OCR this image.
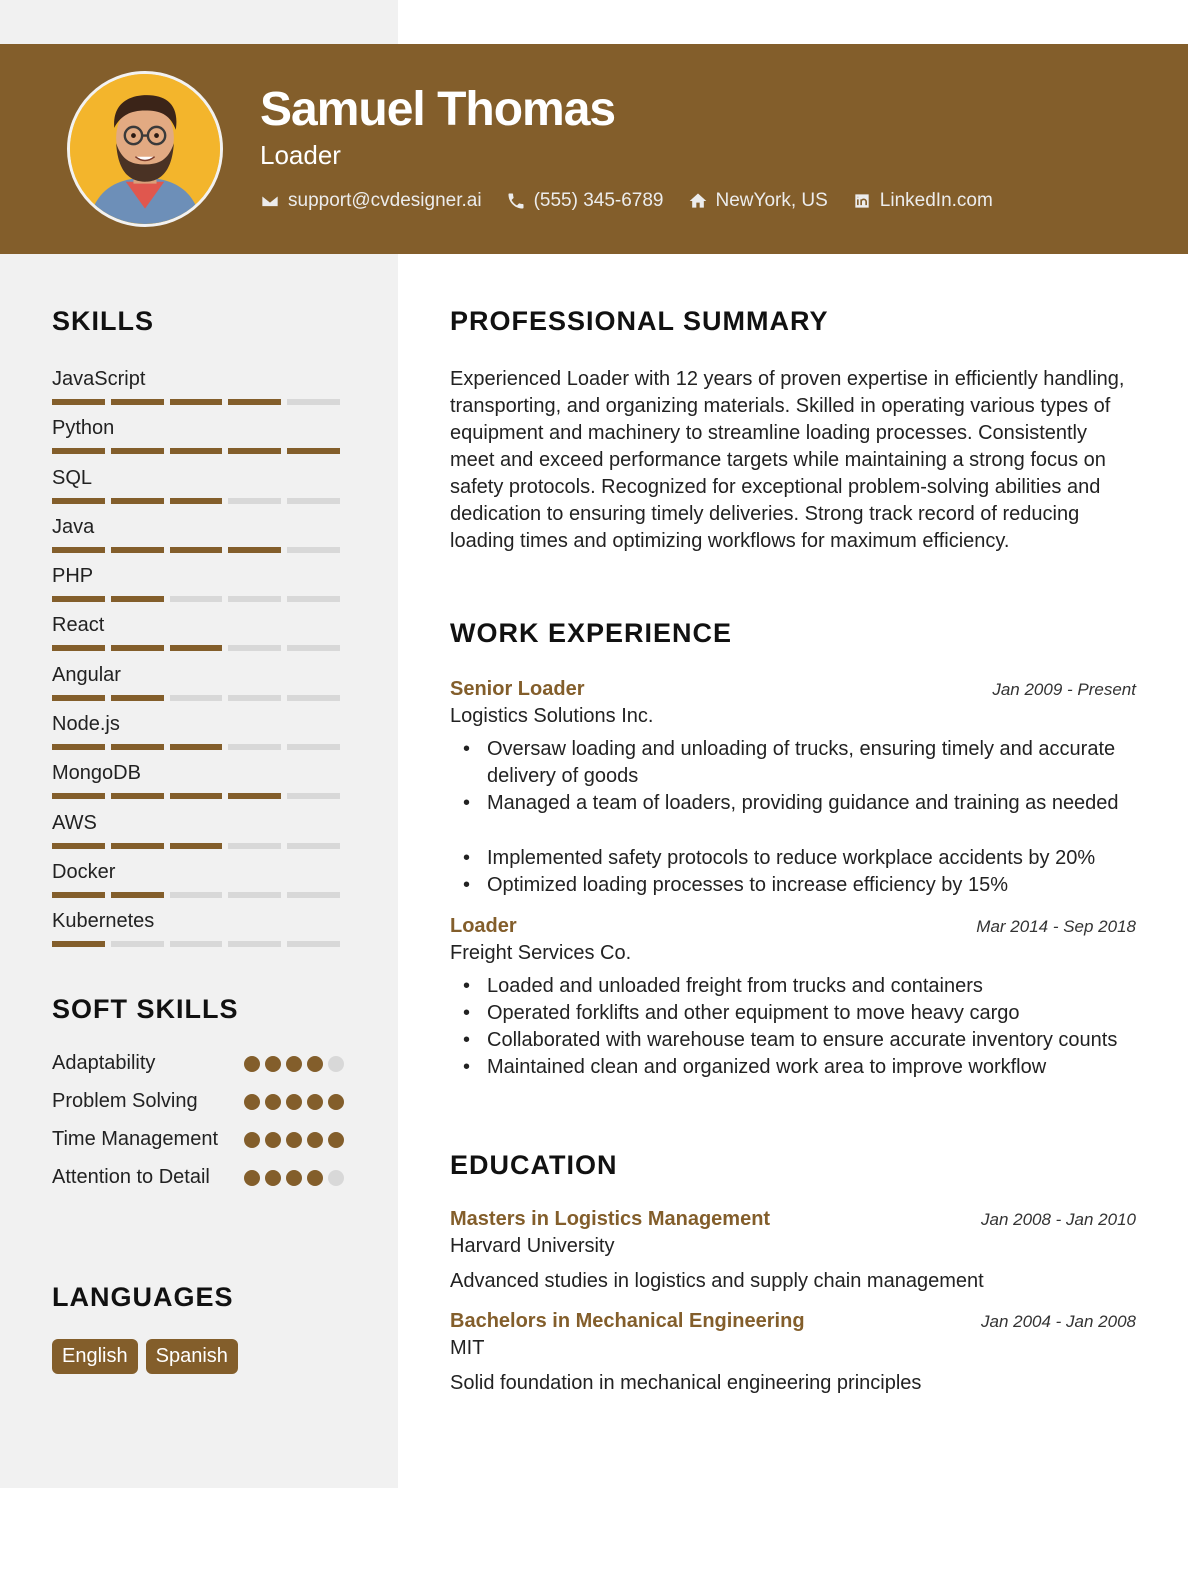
Samuel Thomas
Loader
support@cvdesigner.ai	(555) 345-6789	NewYork, US	LinkedIn.com
SKILLS
JavaScript
Python
SQL
Java
PHP
React
Angular
Node.js
MongoDB
AWS
Docker
Kubernetes
SOFT SKILLS
Adaptability
Problem Solving
Time Management
Attention to Detail
LANGUAGES
English	Spanish
PROFESSIONAL SUMMARY
Experienced Loader with 12 years of proven expertise in efficiently handling, transporting, and organizing materials. Skilled in operating various types of equipment and machinery to streamline loading processes. Consistently meet and exceed performance targets while maintaining a strong focus on safety protocols. Recognized for exceptional problem-solving abilities and dedication to ensuring timely deliveries. Strong track record of reducing loading times and optimizing workflows for maximum efficiency.
WORK EXPERIENCE
Senior Loader	Jan 2009 - Present
Logistics Solutions Inc.
• Oversaw loading and unloading of trucks, ensuring timely and accurate delivery of goods
• Managed a team of loaders, providing guidance and training as needed
• Implemented safety protocols to reduce workplace accidents by 20%
• Optimized loading processes to increase efficiency by 15%
Loader	Mar 2014 - Sep 2018
Freight Services Co.
• Loaded and unloaded freight from trucks and containers
• Operated forklifts and other equipment to move heavy cargo
• Collaborated with warehouse team to ensure accurate inventory counts
• Maintained clean and organized work area to improve workflow
EDUCATION
Masters in Logistics Management	Jan 2008 - Jan 2010
Harvard University
Advanced studies in logistics and supply chain management
Bachelors in Mechanical Engineering	Jan 2004 - Jan 2008
MIT
Solid foundation in mechanical engineering principles
